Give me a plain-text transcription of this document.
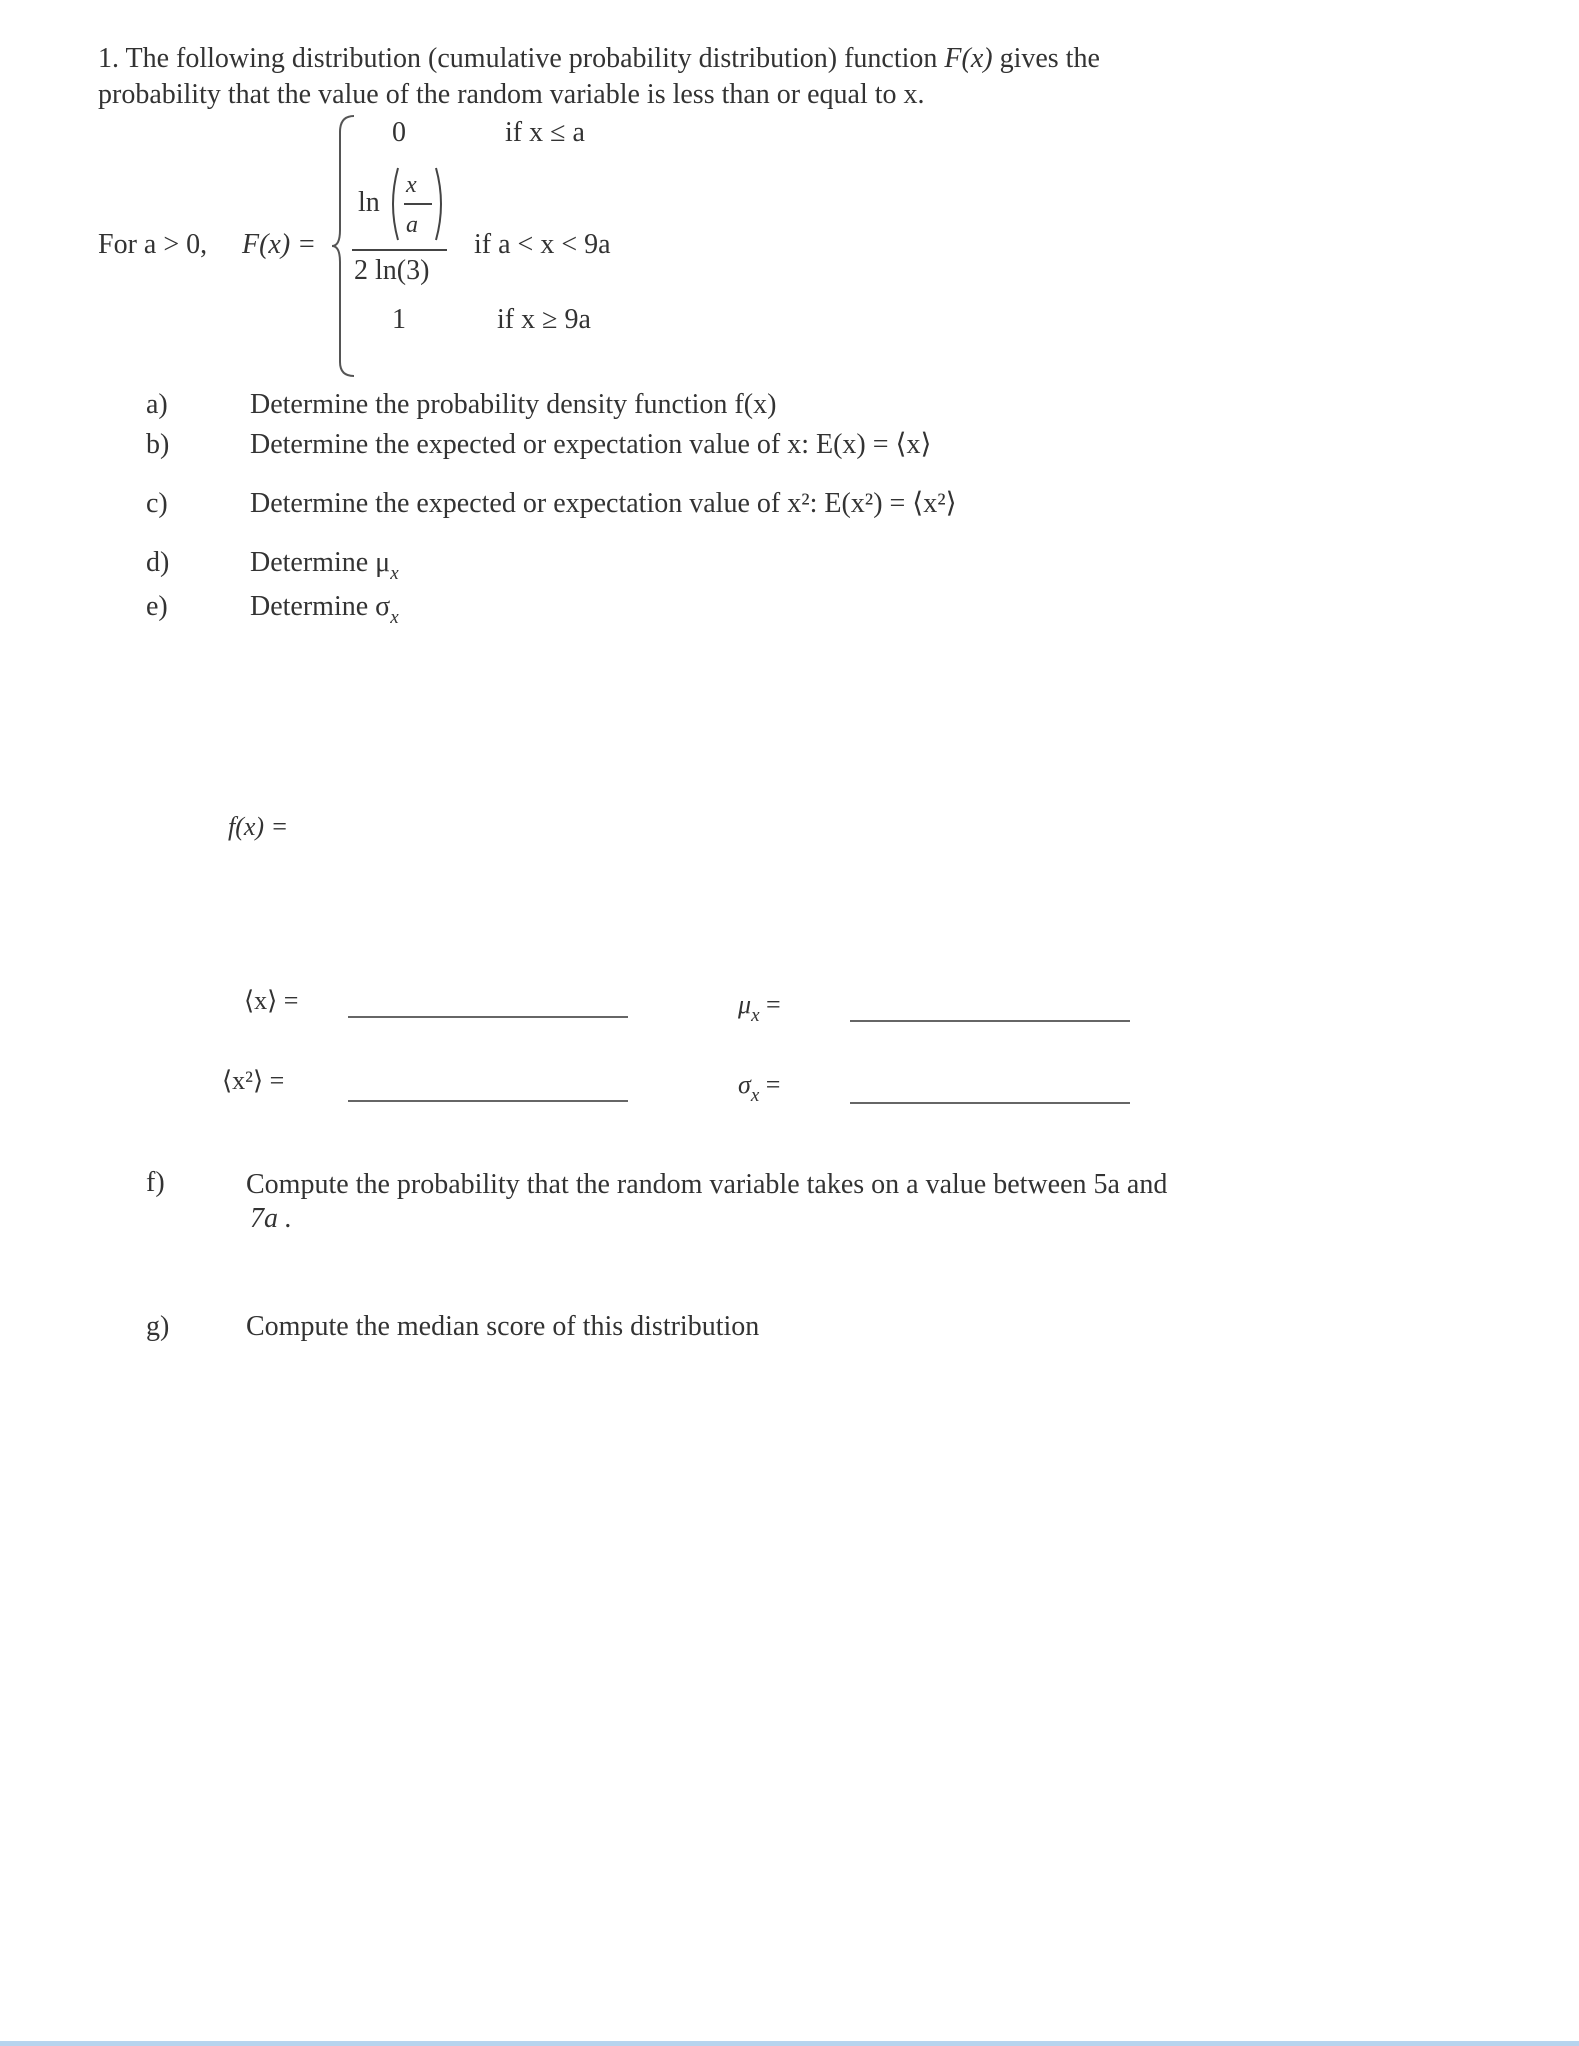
1. The following distribution (cumulative probability distribution) function F(x) gives the
probability that the value of the random variable is less than or equal to x.
For a > 0, F(x) =
0	if x ≤ a
ln
x
a
2 ln(3)
if a < x < 9a
1	if x ≥ 9a
a)	Determine the probability density function f(x)
b)	Determine the expected or expectation value of x: E(x) = ⟨x⟩
c)	Determine the expected or expectation value of x²: E(x²) = ⟨x²⟩
d)	Determine $\mu_x$
e)	Determine $\sigma_x$
f(x) =
⟨x⟩ =	$\mu_x$ =
⟨x²⟩ =	$\sigma_x$ =
f)	Compute the probability that the random variable takes on a value between 5a and
7a .
g)	Compute the median score of this distribution
